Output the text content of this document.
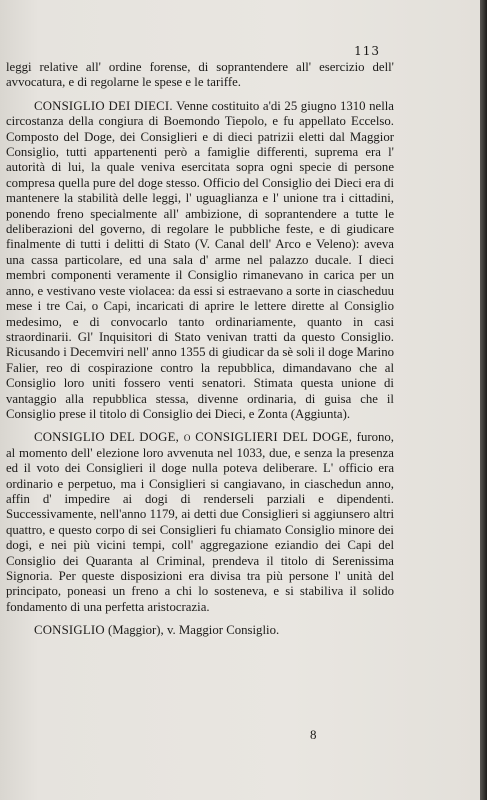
113

leggi relative all' ordine forense, di soprantendere all' esercizio dell' avvocatura, e di regolarne le spese e le tariffe.

CONSIGLIO DEI DIECI. Venne costituito a'di 25 giugno 1310 nella circostanza della congiura di Boemondo Tiepolo, e fu appellato Eccelso. Composto del Doge, dei Consiglieri e di dieci patrizii eletti dal Maggior Consiglio, tutti appartenenti però a famiglie differenti, suprema era l' autorità di lui, la quale veniva esercitata sopra ogni specie di persone compresa quella pure del doge stesso. Officio del Consiglio dei Dieci era di mantenere la stabilità delle leggi, l' uguaglianza e l' unione tra i cittadini, ponendo freno specialmente all' ambizione, di soprantendere a tutte le deliberazioni del governo, di regolare le pubbliche feste, e di giudicare finalmente di tutti i delitti di Stato (V. Canal dell' Arco e Veleno): aveva una cassa particolare, ed una sala d' arme nel palazzo ducale. I dieci membri componenti veramente il Consiglio rimanevano in carica per un anno, e vestivano veste violacea: da essi si estraevano a sorte in ciascheduu mese i tre Cai, o Capi, incaricati di aprire le lettere dirette al Consiglio medesimo, e di convocarlo tanto ordinariamente, quanto in casi straordinarii. Gl' Inquisitori di Stato venivan tratti da questo Consiglio. Ricusando i Decemviri nell' anno 1355 di giudicar da sè soli il doge Marino Falier, reo di cospirazione contro la repubblica, dimandavano che al Consiglio loro uniti fossero venti senatori. Stimata questa unione di vantaggio alla repubblica stessa, divenne ordinaria, di guisa che il Consiglio prese il titolo di Consiglio dei Dieci, e Zonta (Aggiunta).

CONSIGLIO DEL DOGE, o CONSIGLIERI DEL DOGE, furono, al momento dell' elezione loro avvenuta nel 1033, due, e senza la presenza ed il voto dei Consiglieri il doge nulla poteva deliberare. L' officio era ordinario e perpetuo, ma i Consiglieri si cangiavano, in ciaschedun anno, affin d' impedire ai dogi di renderseli parziali e dipendenti. Successivamente, nell'anno 1179, ai detti due Consiglieri si aggiunsero altri quattro, e questo corpo di sei Consiglieri fu chiamato Consiglio minore dei dogi, e nei più vicini tempi, coll' aggregazione eziandio dei Capi del Consiglio dei Quaranta al Criminal, prendeva il titolo di Serenissima Signoria. Per queste disposizioni era divisa tra più persone l' unità del principato, poneasi un freno a chi lo sosteneva, e si stabiliva il solido fondamento di una perfetta aristocrazia.

CONSIGLIO (Maggior), v. Maggior Consiglio.

8
